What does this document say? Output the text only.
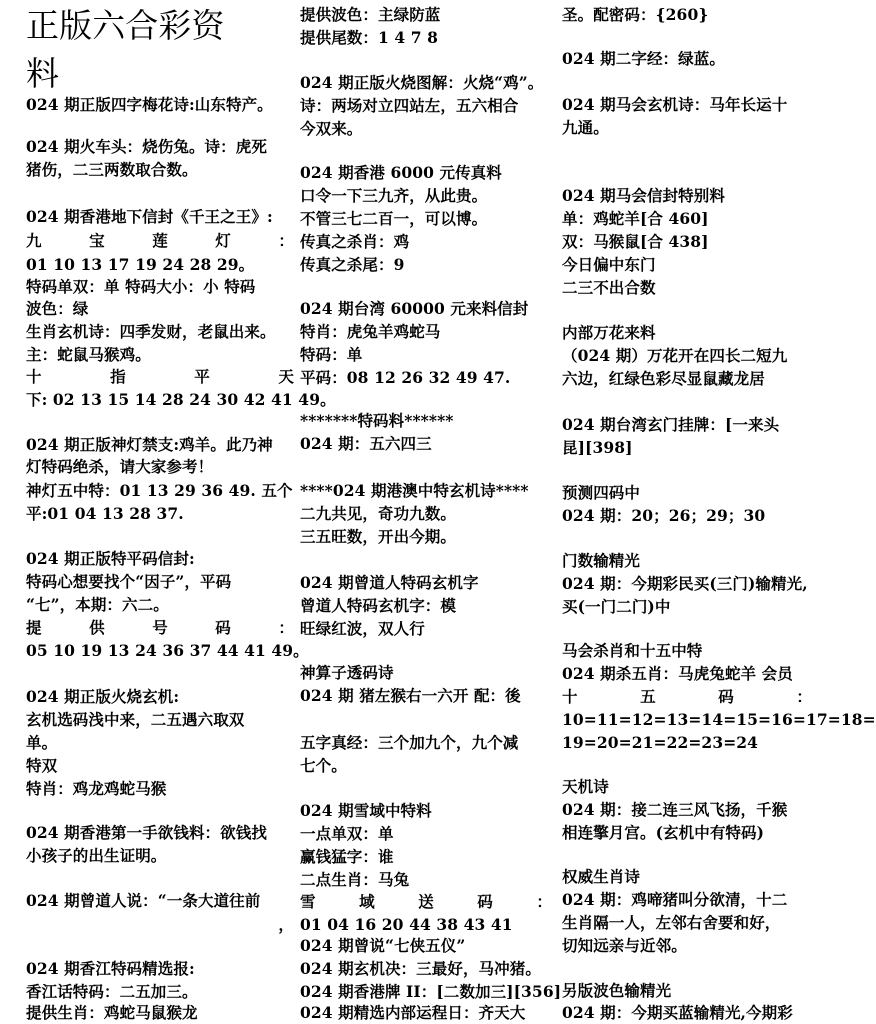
正版六合彩资
料
024 期正版四字梅花诗:山东特产。
024 期火车头：烧伤兔。诗：虎死
猪伤，二三两数取合数。
024 期香港地下信封《千王之王》:
九	宝	莲	灯	：
01 10 13 17 19 24 28 29。
特码单双：单 特码大小：小 特码
波色：绿
生肖玄机诗：四季发财，老鼠出来。
主：蛇鼠马猴鸡。
十	指	平	天
下: 02 13 15 14 28 24 30 42 41 49。
024 期正版神灯禁支:鸡羊。此乃神
灯特码绝杀，请大家参考！
神灯五中特：01 13 29 36 49. 五个
平:01 04 13 28 37.
024 期正版特平码信封:
特码心想要找个“因子”，平码
“七”，本期：六二。
提	供	号	码	：
05 10 19 13 24 36 37 44 41 49。
024 期正版火烧玄机:
玄机选码浅中来，二五遇六取双
单。
特双
特肖：鸡龙鸡蛇马猴
024 期香港第一手欲钱料：欲钱找
小孩子的出生证明。
024 期曾道人说：“一条大道往前
，
024 期香江特码精选报:
香江话特码：二五加三。
提供生肖：鸡蛇马鼠猴龙
提供波色：主绿防蓝
提供尾数：1 4 7 8
024 期正版火烧图解：火烧“鸡”。
诗：两场对立四站左，五六相合
今双来。
024 期香港 6000 元传真料
口令一下三九齐，从此贵。
不管三七二百一，可以博。
传真之杀肖：鸡
传真之杀尾：9
024 期台湾 60000 元来料信封
特肖：虎兔羊鸡蛇马
特码：单
平码：08 12 26 32 49 47.
*******特码料******
024 期：五六四三
****024 期港澳中特玄机诗****
二九共见，奇功九数。
三五旺数，开出今期。
024 期曾道人特码玄机字
曾道人特码玄机字：模
旺绿红波，双人行
神算子透码诗
024 期 猪左猴右一六开 配：後
五字真经：三个加九个，九个减
七个。
024 期雪域中特料
一点单双：单
赢钱猛字：谁
二点生肖：马兔
雪	域	送	码	：
01 04 16 20 44 38 43 41
024 期曾说“七侠五仪”
024 期玄机决：三最好，马冲猪。
024 期香港牌 II：[二数加三][356]
024 期精选内部运程日：齐天大
圣。配密码：{260}
024 期二字经：绿蓝。
024 期马会玄机诗：马年长运十
九通。
024 期马会信封特别料
单：鸡蛇羊[合 460]
双：马猴鼠[合 438]
今日偏中东门
二三不出合数
内部万花来料
（024 期）万花开在四长二短九
六边，红绿色彩尽显鼠藏龙居
024 期台湾玄门挂牌：[一来头
昆][398]
预测四码中
024 期：20；26；29；30
门数输精光
024 期：今期彩民买(三门)输精光,
买(一门二门)中
马会杀肖和十五中特
024 期杀五肖：马虎兔蛇羊 会员
十	五	码	：
10=11=12=13=14=15=16=17=18=
19=20=21=22=23=24
天机诗
024 期：接二连三风飞扬，千猴
相连擎月宫。(玄机中有特码)
权威生肖诗
024 期：鸡啼猪叫分欲清，十二
生肖隔一人，左邻右舍要和好，
切知远亲与近邻。
另版波色输精光
024 期：今期买蓝输精光,今期彩
